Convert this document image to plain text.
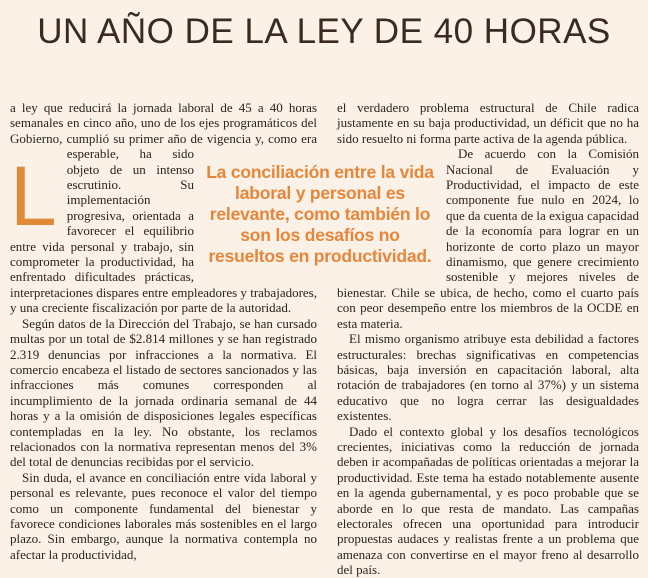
UN AÑO DE LA LEY DE 40 HORAS

L
a ley que reducirá la jornada laboral de 45 a 40 horas semanales en cinco año, uno de los ejes programáticos del Gobierno, cumplió su primer año de vigencia y, como era esperable, ha sido objeto de un intenso escrutinio. Su implementación progresiva, orientada a favorecer el equilibrio entre vida personal y trabajo, sin comprometer la productividad, ha enfrentado dificultades prácticas, interpretaciones dispares entre empleadores y trabajadores, y una creciente fiscalización por parte de la autoridad.

Según datos de la Dirección del Trabajo, se han cursado multas por un total de $2.814 millones y se han registrado 2.319 denuncias por infracciones a la normativa. El comercio encabeza el listado de sectores sancionados y las infracciones más comunes corresponden al incumplimiento de la jornada ordinaria semanal de 44 horas y a la omisión de disposiciones legales específicas contempladas en la ley. No obstante, los reclamos relacionados con la normativa representan menos del 3% del total de denuncias recibidas por el servicio.

Sin duda, el avance en conciliación entre vida laboral y personal es relevante, pues reconoce el valor del tiempo como un componente fundamental del bienestar y favorece condiciones laborales más sostenibles en el largo plazo. Sin embargo, aunque la normativa contempla no afectar la productividad,

el verdadero problema estructural de Chile radica justamente en su baja productividad, un déficit que no ha sido resuelto ni forma parte activa de la agenda pública.

De acuerdo con la Comisión Nacional de Evaluación y Productividad, el impacto de este componente fue nulo en 2024, lo que da cuenta de la exigua capacidad de la economía para lograr en un horizonte de corto plazo un mayor dinamismo, que genere crecimiento sostenible y mejores niveles de bienestar. Chile se ubica, de hecho, como el cuarto país con peor desempeño entre los miembros de la OCDE en esta materia.

El mismo organismo atribuye esta debilidad a factores estructurales: brechas significativas en competencias básicas, baja inversión en capacitación laboral, alta rotación de trabajadores (en torno al 37%) y un sistema educativo que no logra cerrar las desigualdades existentes.

Dado el contexto global y los desafíos tecnológicos crecientes, iniciativas como la reducción de jornada deben ir acompañadas de políticas orientadas a mejorar la productividad. Este tema ha estado notablemente ausente en la agenda gubernamental, y es poco probable que se aborde en lo que resta de mandato. Las campañas electorales ofrecen una oportunidad para introducir propuestas audaces y realistas frente a un problema que amenaza con convertirse en el mayor freno al desarrollo del país.

La conciliación entre la vida laboral y personal es relevante, como también lo son los desafíos no resueltos en productividad.
